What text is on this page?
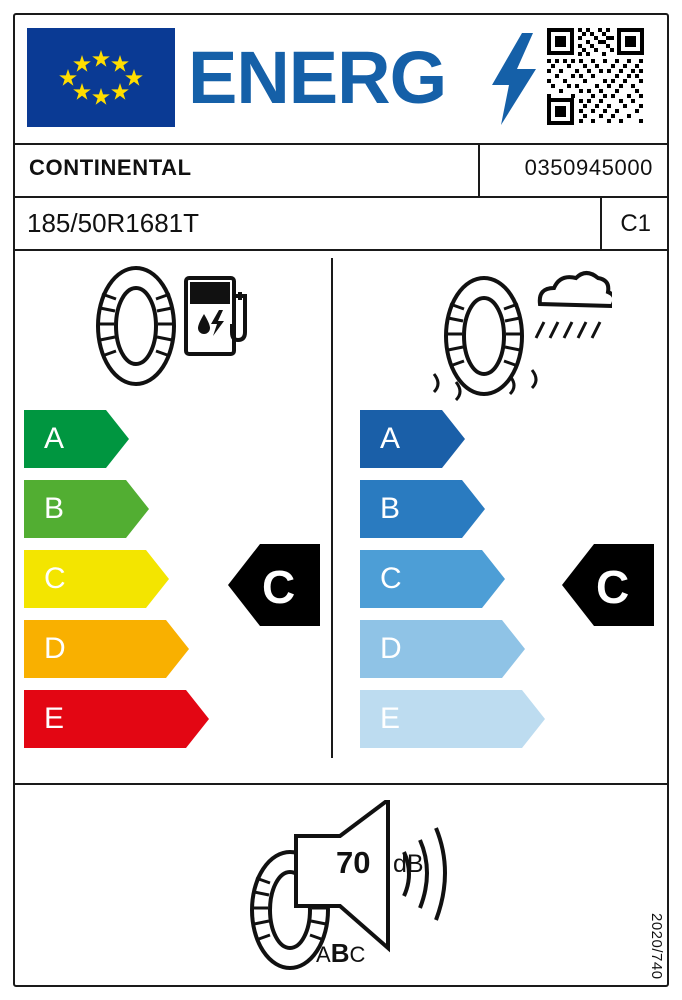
ENERG
CONTINENTAL	0350945000
185/50R1681T	C1
A
B
C
D
E
A
B
C
D
E
C	C
70 dB
ABC	2020/740
